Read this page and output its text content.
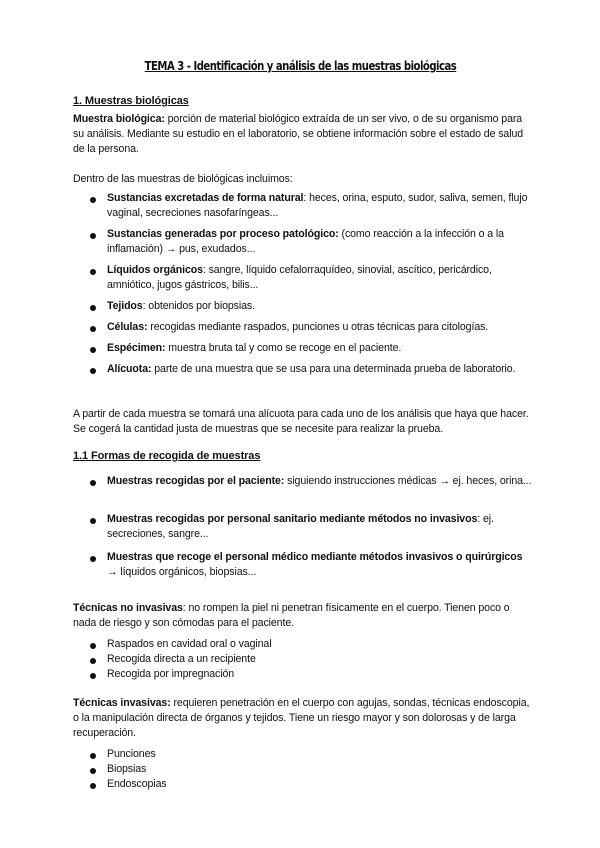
TEMA 3 - Identificación y análisis de las muestras biológicas
1. Muestras biológicas
Muestra biológica: porción de material biológico extraída de un ser vivo, o de su organismo para su análisis. Mediante su estudio en el laboratorio, se obtiene información sobre el estado de salud de la persona.
Dentro de las muestras de biológicas incluimos:
Sustancias excretadas de forma natural: heces, orina, esputo, sudor, saliva, semen, flujo vaginal, secreciones nasofaríngeas...
Sustancias generadas por proceso patológico: (como reacción a la infección o a la inflamación) → pus, exudados...
Líquidos orgánicos: sangre, líquido cefalorraquídeo, sinovial, ascítico, pericárdico, amniótico, jugos gástricos, bilis...
Tejidos: obtenidos por biopsias.
Células: recogidas mediante raspados, punciones u otras técnicas para citologías.
Espécimen: muestra bruta tal y como se recoge en el paciente.
Alícuota: parte de una muestra que se usa para una determinada prueba de laboratorio.
A partir de cada muestra se tomará una alícuota para cada uno de los análisis que haya que hacer. Se cogerá la cantidad justa de muestras que se necesite para realizar la prueba.
1.1 Formas de recogida de muestras
Muestras recogidas por el paciente: siguiendo instrucciones médicas → ej. heces, orina...
Muestras recogidas por personal sanitario mediante métodos no invasivos: ej. secreciones, sangre...
Muestras que recoge el personal médico mediante métodos invasivos o quirúrgicos → líquidos orgánicos, biopsias...
Técnicas no invasivas: no rompen la piel ni penetran físicamente en el cuerpo. Tienen poco o nada de riesgo y son cómodas para el paciente.
Raspados en cavidad oral o vaginal
Recogida directa a un recipiente
Recogida por impregnación
Técnicas invasivas: requieren penetración en el cuerpo con agujas, sondas, técnicas endoscopia, o la manipulación directa de órganos y tejidos. Tiene un riesgo mayor y son dolorosas y de larga recuperación.
Punciones
Biopsias
Endoscopias
